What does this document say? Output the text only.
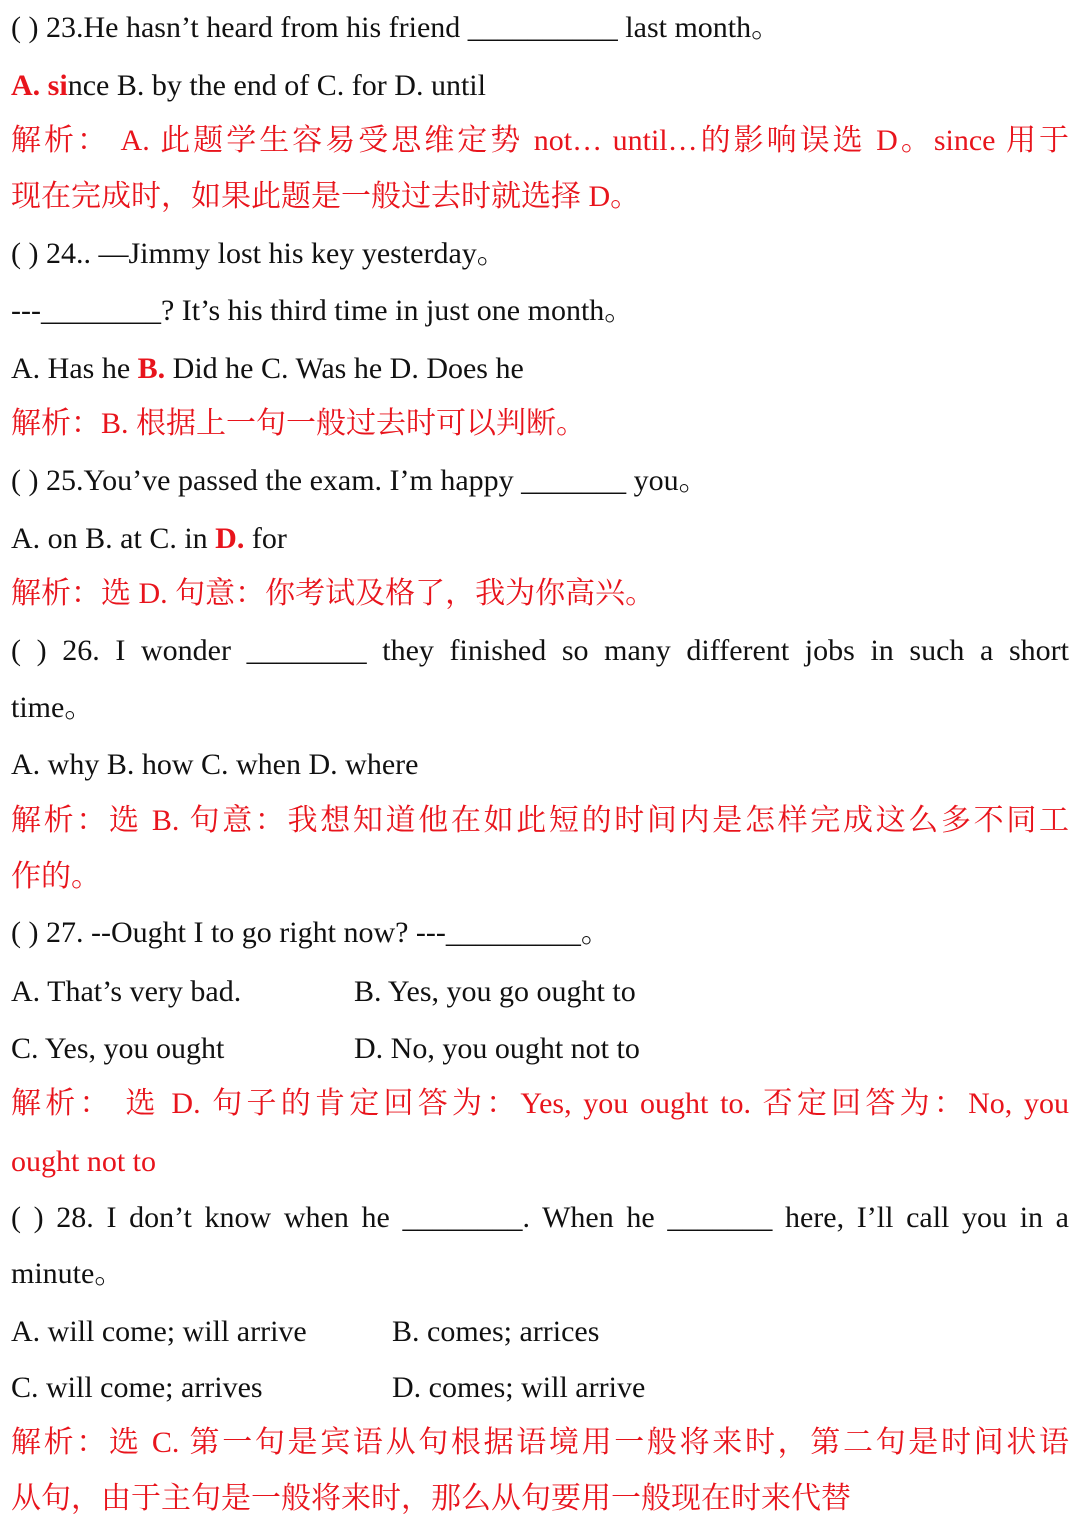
( ) 23.He hasn’t heard from his friend __________ last month。
A. since B. by the end of C. for D. until
解析： A. 此题学生容易受思维定势 not… until…的影响误选 D。since 用于
现在完成时，如果此题是一般过去时就选择 D。
( ) 24.. —Jimmy lost his key yesterday。
---________? It’s his third time in just one month。
A. Has he B. Did he C. Was he D. Does he
解析：B. 根据上一句一般过去时可以判断。
( ) 25.You’ve passed the exam. I’m happy _______ you。
A. on B. at C. in D. for
解析：选 D. 句意：你考试及格了，我为你高兴。
( ) 26. I wonder ________ they finished so many different jobs in such a short
time。
A. why B. how C. when D. where
解析：选 B. 句意：我想知道他在如此短的时间内是怎样完成这么多不同工
作的。
( ) 27. --Ought I to go right now? ---_________。
A. That’s very bad.	B. Yes, you go ought to
C. Yes, you ought	D. No, you ought not to
解析： 选 D. 句子的肯定回答为：Yes, you ought to. 否定回答为：No, you
ought not to
( ) 28. I don’t know when he ________. When he _______ here, I’ll call you in a
minute。
A. will come; will arrive	B. comes; arrices
C. will come; arrives	D. comes; will arrive
解析：选 C. 第一句是宾语从句根据语境用一般将来时，第二句是时间状语
从句，由于主句是一般将来时，那么从句要用一般现在时来代替
